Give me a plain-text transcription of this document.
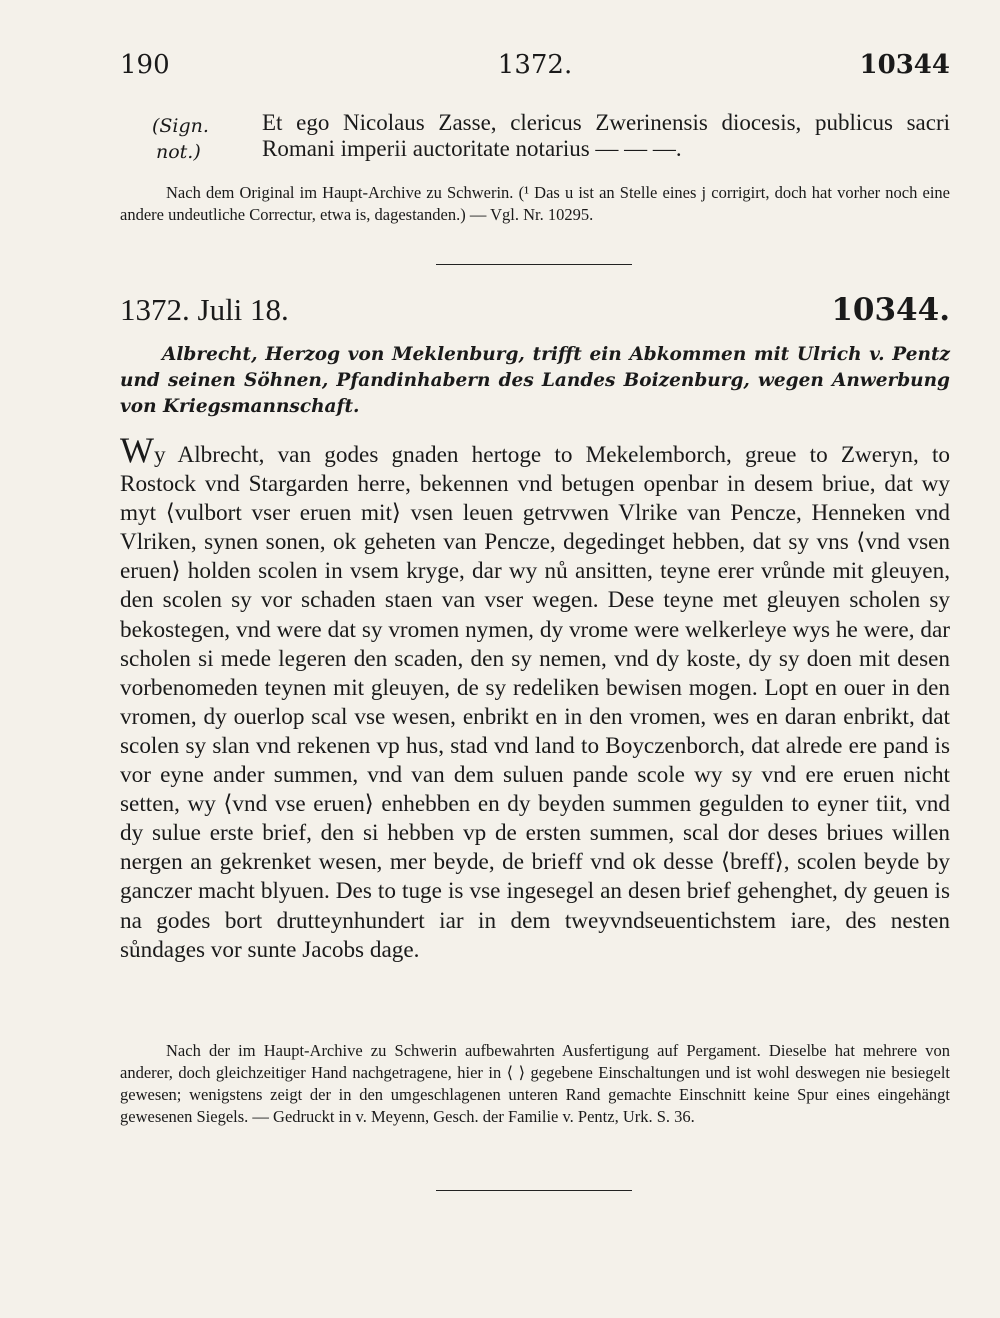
190	1372.	10344
(Sign.
not.)
Et ego Nicolaus Zasse, clericus Zwerinensis diocesis, publicus sacri Romani imperii auctoritate notarius — — —.
Nach dem Original im Haupt-Archive zu Schwerin. (¹ Das u ist an Stelle eines j corrigirt, doch hat vorher noch eine andere undeutliche Correctur, etwa is, dagestanden.) — Vgl. Nr. 10295.
1372. Juli 18.	10344.
Albrecht, Herzog von Meklenburg, trifft ein Abkommen mit Ulrich v. Pentz und seinen Söhnen, Pfandinhabern des Landes Boizenburg, wegen Anwerbung von Kriegsmannschaft.
Wy Albrecht, van godes gnaden hertoge to Mekelemborch, greue to Zweryn, to Rostock vnd Stargarden herre, bekennen vnd betugen openbar in desem briue, dat wy myt ⟨vulbort vser eruen mit⟩ vsen leuen getrvwen Vlrike van Pencze, Henneken vnd Vlriken, synen sonen, ok geheten van Pencze, degedinget hebben, dat sy vns ⟨vnd vsen eruen⟩ holden scolen in vsem kryge, dar wy nů ansitten, teyne erer vrůnde mit gleuyen, den scolen sy vor schaden staen van vser wegen. Dese teyne met gleuyen scholen sy bekostegen, vnd were dat sy vromen nymen, dy vrome were welkerleye wys he were, dar scholen si mede legeren den scaden, den sy nemen, vnd dy koste, dy sy doen mit desen vorbenomeden teynen mit gleuyen, de sy redeliken bewisen mogen. Lopt en ouer in den vromen, dy ouerlop scal vse wesen, enbrikt en in den vromen, wes en daran enbrikt, dat scolen sy slan vnd rekenen vp hus, stad vnd land to Boyczenborch, dat alrede ere pand is vor eyne ander summen, vnd van dem suluen pande scole wy sy vnd ere eruen nicht setten, wy ⟨vnd vse eruen⟩ enhebben en dy beyden summen gegulden to eyner tiit, vnd dy sulue erste brief, den si hebben vp de ersten summen, scal dor deses briues willen nergen an gekrenket wesen, mer beyde, de brieff vnd ok desse ⟨breff⟩, scolen beyde by ganczer macht blyuen. Des to tuge is vse ingesegel an desen brief gehenghet, dy geuen is na godes bort drutteynhundert iar in dem tweyvndseuentichstem iare, des nesten sůndages vor sunte Jacobs dage.
Nach der im Haupt-Archive zu Schwerin aufbewahrten Ausfertigung auf Pergament. Dieselbe hat mehrere von anderer, doch gleichzeitiger Hand nachgetragene, hier in ⟨ ⟩ gegebene Einschaltungen und ist wohl deswegen nie besiegelt gewesen; wenigstens zeigt der in den umgeschlagenen unteren Rand gemachte Einschnitt keine Spur eines eingehängt gewesenen Siegels. — Gedruckt in v. Meyenn, Gesch. der Familie v. Pentz, Urk. S. 36.
